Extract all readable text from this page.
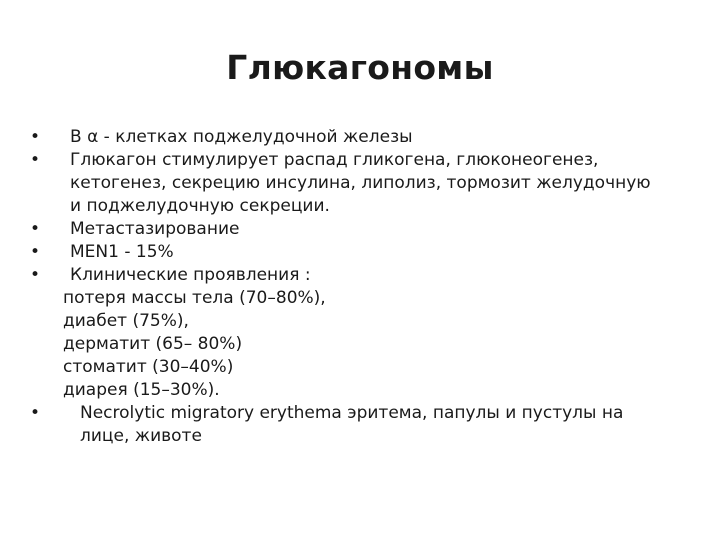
Глюкагономы
•	В α - клетках поджелудочной железы
•	Глюкагон стимулирует распад гликогена, глюконеогенез,
кетогенез, секрецию инсулина, липолиз, тормозит желудочную
и поджелудочную секреции.
•	Метастазирование
•	MEN1 - 15%
•	Клинические проявления :
потеря массы тела (70–80%),
диабет (75%),
дерматит (65– 80%)
стоматит (30–40%)
диарея (15–30%).
•	Necrolytic migratory erythema эритема, папулы и пустулы на
лице, животе
